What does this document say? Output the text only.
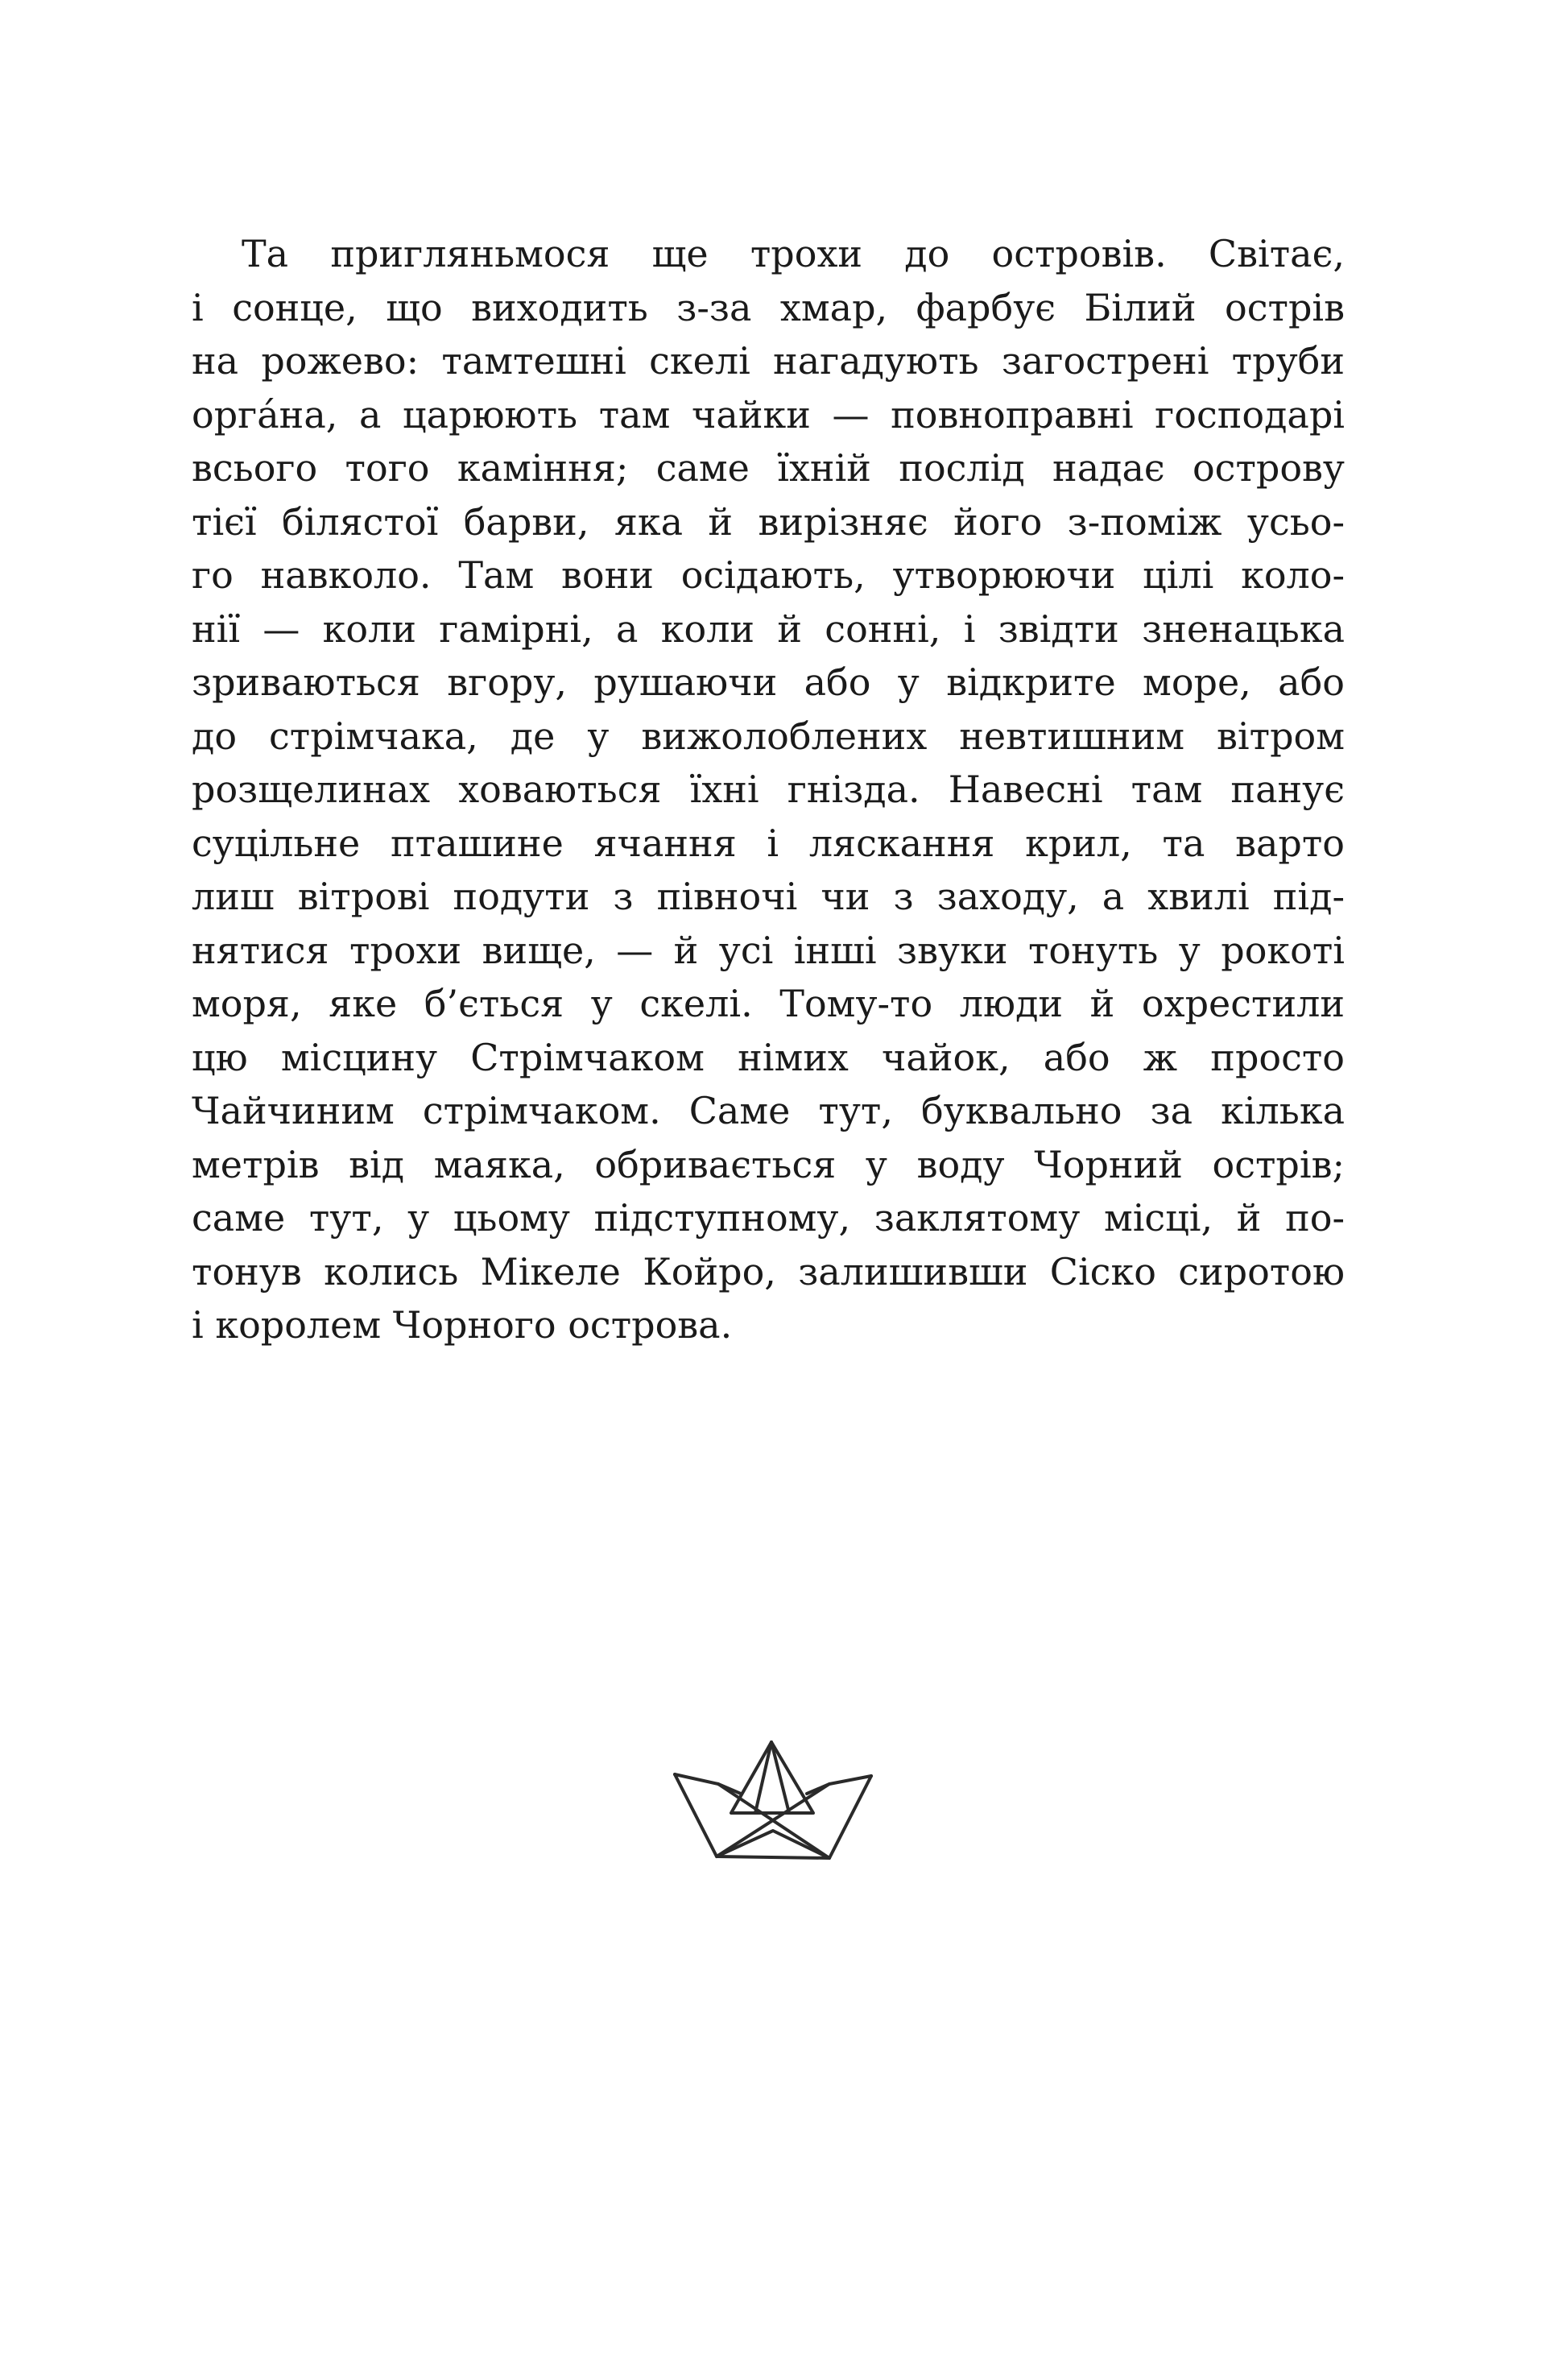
Та пригляньмося ще трохи до островів. Світає,
і сонце, що виходить з-за хмар, фарбує Білий острів
на рожево: тамтешні скелі нагадують загострені труби
оргáна, а царюють там чайки — повноправні господарі
всього того каміння; саме їхній послід надає острову
тієї білястої барви, яка й вирізняє його з-поміж усьо-
го навколо. Там вони осідають, утворюючи цілі коло-
нії — коли гамірні, а коли й сонні, і звідти зненацька
зриваються вгору, рушаючи або у відкрите море, або
до стрімчака, де у вижолоблених невтишним вітром
розщелинах ховаються їхні гнізда. Навесні там панує
суцільне пташине ячання і ляскання крил, та варто
лиш вітрові подути з півночі чи з заходу, а хвилі під-
нятися трохи вище, — й усі інші звуки тонуть у рокоті
моря, яке б’ється у скелі. Тому-то люди й охрестили
цю місцину Стрімчаком німих чайок, або ж просто
Чайчиним стрімчаком. Саме тут, буквально за кілька
метрів від маяка, обривається у воду Чорний острів;
саме тут, у цьому підступному, заклятому місці, й по-
тонув колись Мікеле Койро, залишивши Сіско сиротою
і королем Чорного острова.
